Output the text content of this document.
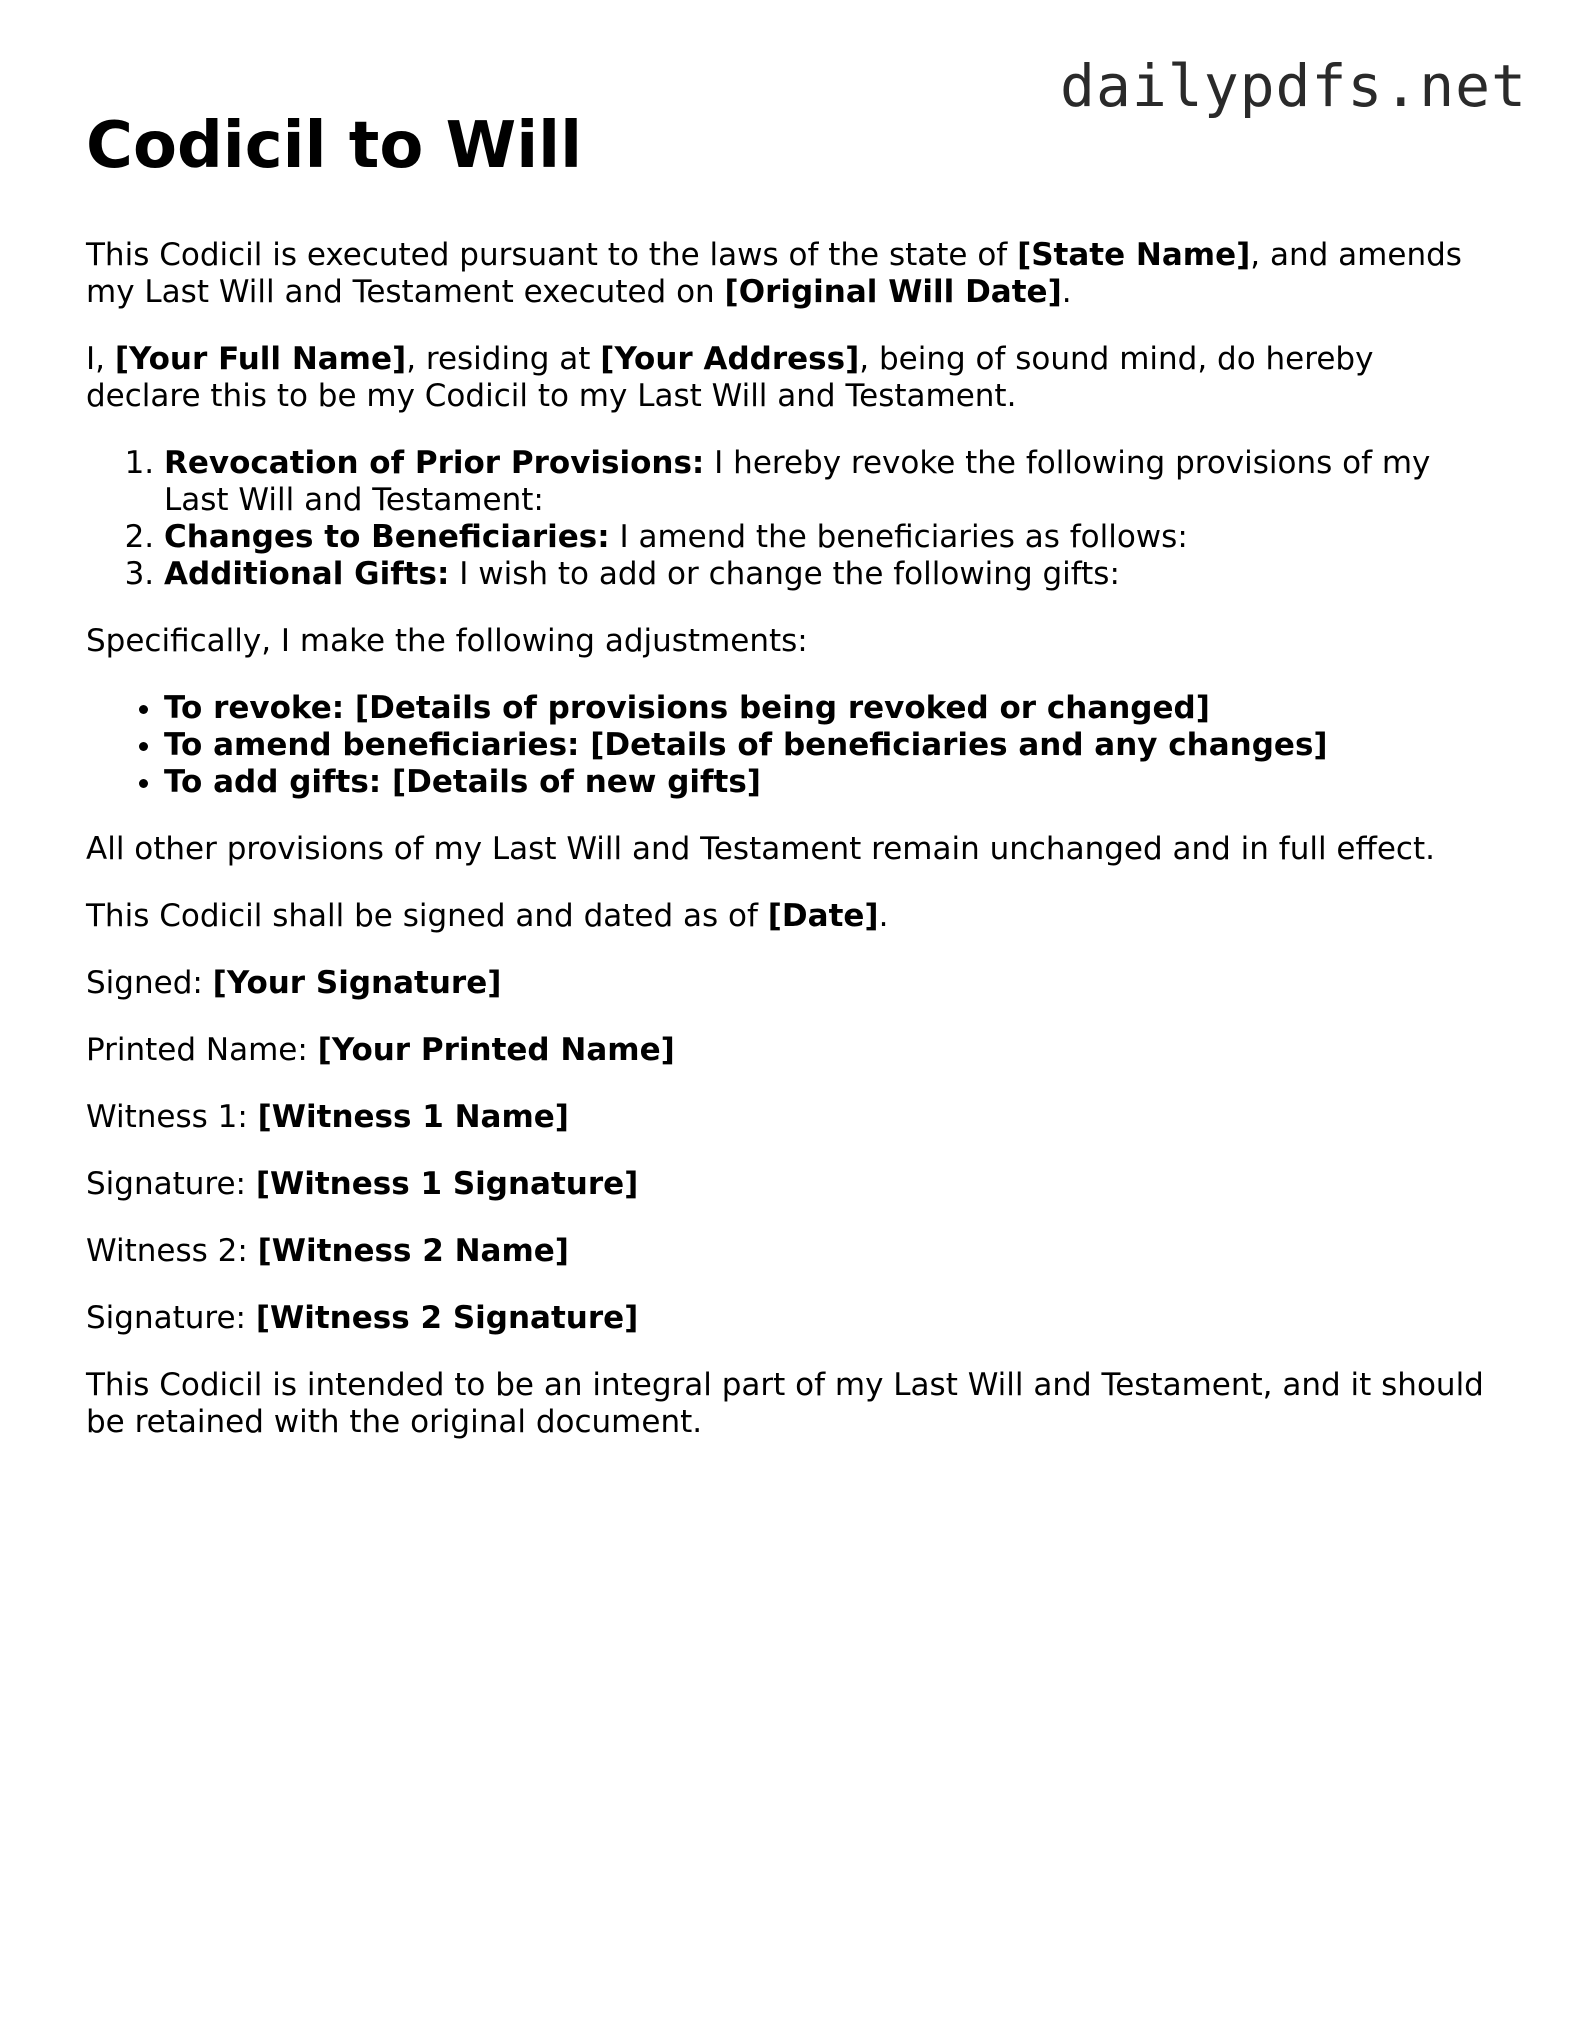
dailypdfs.net
Codicil to Will

This Codicil is executed pursuant to the laws of the state of [State Name], and amends my Last Will and Testament executed on [Original Will Date].

I, [Your Full Name], residing at [Your Address], being of sound mind, do hereby declare this to be my Codicil to my Last Will and Testament.

1. Revocation of Prior Provisions: I hereby revoke the following provisions of my Last Will and Testament:
2. Changes to Beneficiaries: I amend the beneficiaries as follows:
3. Additional Gifts: I wish to add or change the following gifts:

Specifically, I make the following adjustments:

• To revoke: [Details of provisions being revoked or changed]
• To amend beneficiaries: [Details of beneficiaries and any changes]
• To add gifts: [Details of new gifts]

All other provisions of my Last Will and Testament remain unchanged and in full effect.

This Codicil shall be signed and dated as of [Date].

Signed: [Your Signature]

Printed Name: [Your Printed Name]

Witness 1: [Witness 1 Name]

Signature: [Witness 1 Signature]

Witness 2: [Witness 2 Name]

Signature: [Witness 2 Signature]

This Codicil is intended to be an integral part of my Last Will and Testament, and it should be retained with the original document.
